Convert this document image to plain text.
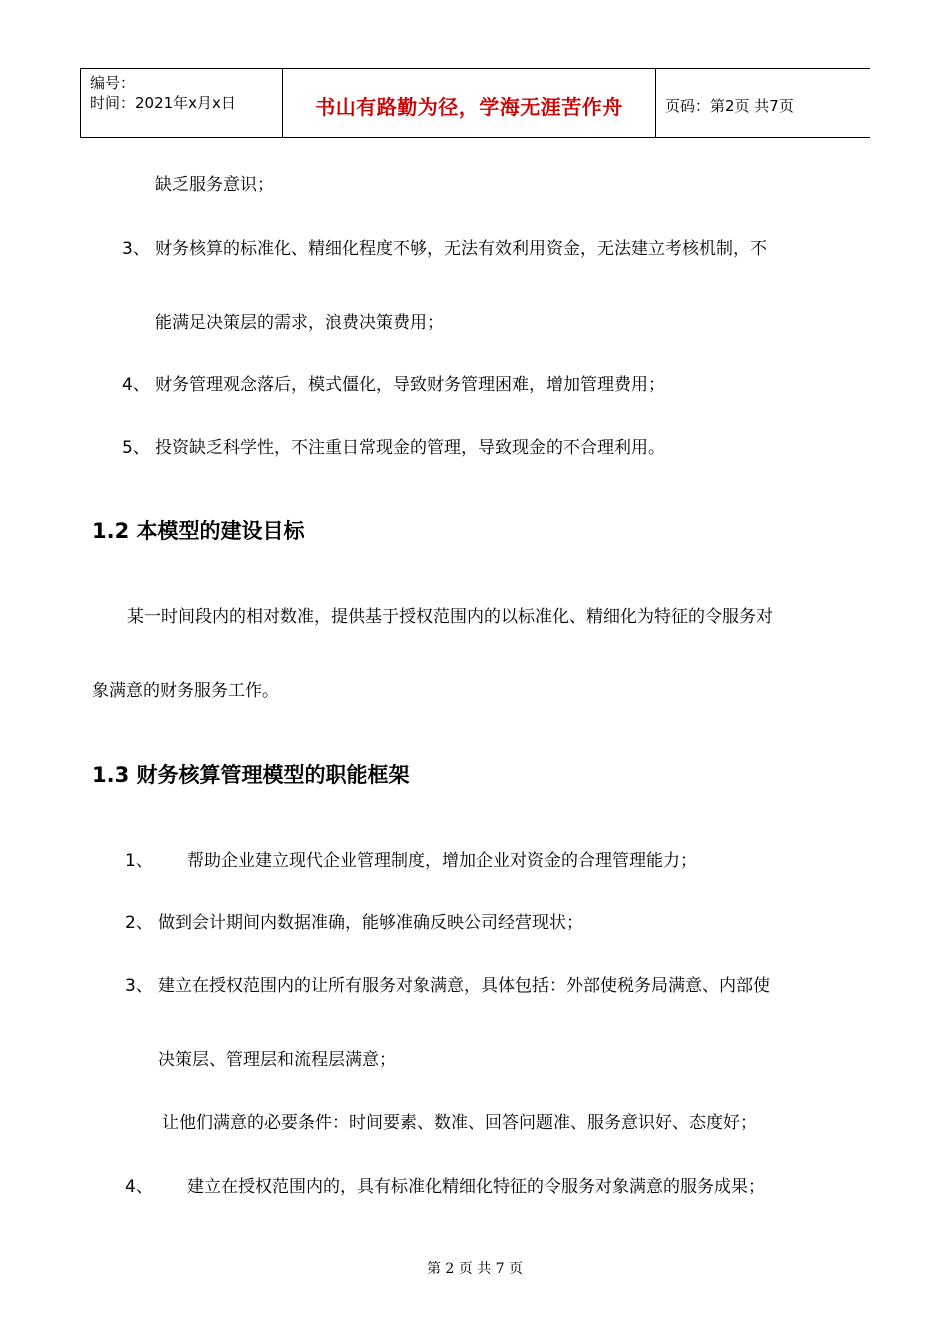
编号：
时间：2021年x月x日	书山有路勤为径，学海无涯苦作舟	页码：第2页 共7页
缺乏服务意识；
3、 财务核算的标准化、精细化程度不够，无法有效利用资金，无法建立考核机制，不
能满足决策层的需求，浪费决策费用；
4、 财务管理观念落后，模式僵化，导致财务管理困难，增加管理费用；
5、 投资缺乏科学性，不注重日常现金的管理，导致现金的不合理利用。
1.2 本模型的建设目标
某一时间段内的相对数准，提供基于授权范围内的以标准化、精细化为特征的令服务对
象满意的财务服务工作。
1.3 财务核算管理模型的职能框架
1、 帮助企业建立现代企业管理制度，增加企业对资金的合理管理能力；
2、 做到会计期间内数据准确，能够准确反映公司经营现状；
3、 建立在授权范围内的让所有服务对象满意，具体包括：外部使税务局满意、内部使
决策层、管理层和流程层满意；
让他们满意的必要条件：时间要素、数准、回答问题准、服务意识好、态度好；
4、 建立在授权范围内的，具有标准化精细化特征的令服务对象满意的服务成果；
第 2 页 共 7 页
